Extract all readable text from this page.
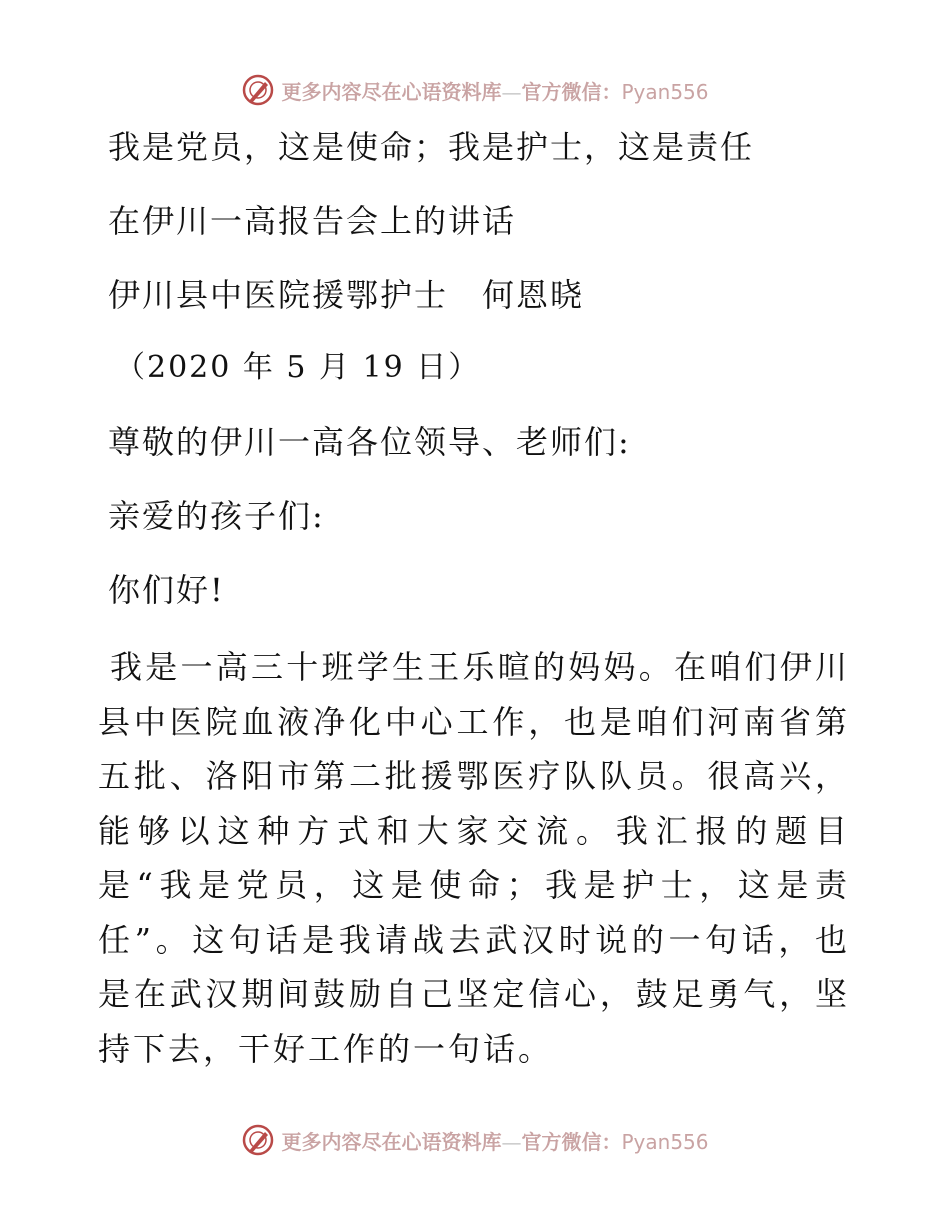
更多内容尽在心语资料库—官方微信：Pyan556
我是党员，这是使命；我是护士，这是责任
在伊川一高报告会上的讲话
伊川县中医院援鄂护士　何恩晓
（2020 年 5 月 19 日）
尊敬的伊川一高各位领导、老师们:
亲爱的孩子们:
你们好!
我是一高三十班学生王乐暄的妈妈。在咱们伊川县中医院血液净化中心工作，也是咱们河南省第五批、洛阳市第二批援鄂医疗队队员。很高兴，能够以这种方式和大家交流。我汇报的题目是“我是党员，这是使命；我是护士，这是责任”。这句话是我请战去武汉时说的一句话，也是在武汉期间鼓励自己坚定信心，鼓足勇气，坚持下去，干好工作的一句话。
更多内容尽在心语资料库—官方微信：Pyan556
